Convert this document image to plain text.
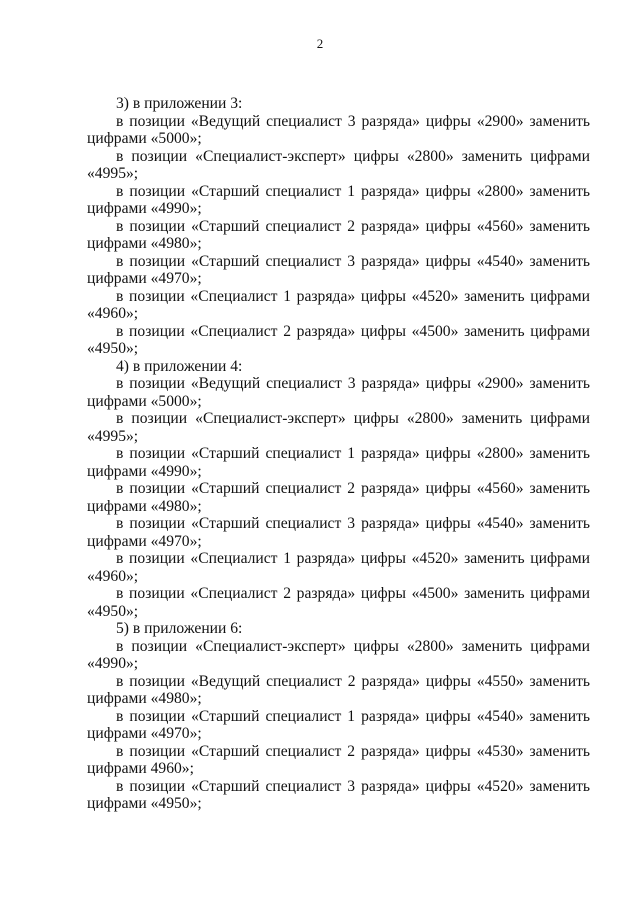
2

3) в приложении 3:

в позиции «Ведущий специалист 3 разряда» цифры «2900» заменить цифрами «5000»;

в позиции «Специалист-эксперт» цифры «2800» заменить цифрами «4995»;

в позиции «Старший специалист 1 разряда» цифры «2800» заменить цифрами «4990»;

в позиции «Старший специалист 2 разряда» цифры «4560» заменить цифрами «4980»;

в позиции «Старший специалист 3 разряда» цифры «4540» заменить цифрами «4970»;

в позиции «Специалист 1 разряда» цифры «4520» заменить цифрами «4960»;

в позиции «Специалист 2 разряда» цифры «4500» заменить цифрами «4950»;

4) в приложении 4:

в позиции «Ведущий специалист 3 разряда» цифры «2900» заменить цифрами «5000»;

в позиции «Специалист-эксперт» цифры «2800» заменить цифрами «4995»;

в позиции «Старший специалист 1 разряда» цифры «2800» заменить цифрами «4990»;

в позиции «Старший специалист 2 разряда» цифры «4560» заменить цифрами «4980»;

в позиции «Старший специалист 3 разряда» цифры «4540» заменить цифрами «4970»;

в позиции «Специалист 1 разряда» цифры «4520» заменить цифрами «4960»;

в позиции «Специалист 2 разряда» цифры «4500» заменить цифрами «4950»;

5) в приложении 6:

в позиции «Специалист-эксперт» цифры «2800» заменить цифрами «4990»;

в позиции «Ведущий специалист 2 разряда» цифры «4550» заменить цифрами «4980»;

в позиции «Старший специалист 1 разряда» цифры «4540» заменить цифрами «4970»;

в позиции «Старший специалист 2 разряда» цифры «4530» заменить цифрами 4960»;

в позиции «Старший специалист 3 разряда» цифры «4520» заменить цифрами «4950»;
